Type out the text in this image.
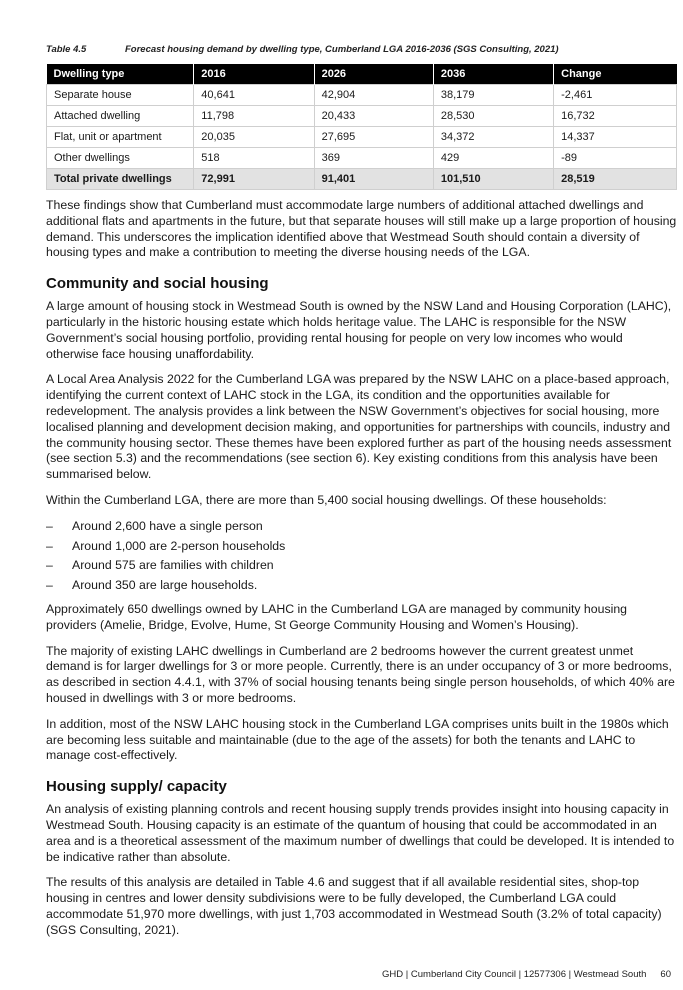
Table 4.5	Forecast housing demand by dwelling type, Cumberland LGA 2016-2036 (SGS Consulting, 2021)
Dwelling type	2016	2026	2036	Change
Separate house	40,641	42,904	38,179	-2,461
Attached dwelling	11,798	20,433	28,530	16,732
Flat, unit or apartment	20,035	27,695	34,372	14,337
Other dwellings	518	369	429	-89
Total private dwellings	72,991	91,401	101,510	28,519

These findings show that Cumberland must accommodate large numbers of additional attached dwellings and additional flats and apartments in the future, but that separate houses will still make up a large proportion of housing demand. This underscores the implication identified above that Westmead South should contain a diversity of housing types and make a contribution to meeting the diverse housing needs of the LGA.

Community and social housing

A large amount of housing stock in Westmead South is owned by the NSW Land and Housing Corporation (LAHC), particularly in the historic housing estate which holds heritage value. The LAHC is responsible for the NSW Government’s social housing portfolio, providing rental housing for people on very low incomes who would otherwise face housing unaffordability.

A Local Area Analysis 2022 for the Cumberland LGA was prepared by the NSW LAHC on a place-based approach, identifying the current context of LAHC stock in the LGA, its condition and the opportunities available for redevelopment. The analysis provides a link between the NSW Government’s objectives for social housing, more localised planning and development decision making, and opportunities for partnerships with councils, industry and the community housing sector. These themes have been explored further as part of the housing needs assessment (see section 5.3) and the recommendations (see section 6). Key existing conditions from this analysis have been summarised below.

Within the Cumberland LGA, there are more than 5,400 social housing dwellings. Of these households:

– Around 2,600 have a single person
– Around 1,000 are 2-person households
– Around 575 are families with children
– Around 350 are large households.

Approximately 650 dwellings owned by LAHC in the Cumberland LGA are managed by community housing providers (Amelie, Bridge, Evolve, Hume, St George Community Housing and Women’s Housing).

The majority of existing LAHC dwellings in Cumberland are 2 bedrooms however the current greatest unmet demand is for larger dwellings for 3 or more people. Currently, there is an under occupancy of 3 or more bedrooms, as described in section 4.4.1, with 37% of social housing tenants being single person households, of which 40% are housed in dwellings with 3 or more bedrooms.

In addition, most of the NSW LAHC housing stock in the Cumberland LGA comprises units built in the 1980s which are becoming less suitable and maintainable (due to the age of the assets) for both the tenants and LAHC to manage cost-effectively.

Housing supply/ capacity

An analysis of existing planning controls and recent housing supply trends provides insight into housing capacity in Westmead South. Housing capacity is an estimate of the quantum of housing that could be accommodated in an area and is a theoretical assessment of the maximum number of dwellings that could be developed. It is intended to be indicative rather than absolute.

The results of this analysis are detailed in Table 4.6 and suggest that if all available residential sites, shop-top housing in centres and lower density subdivisions were to be fully developed, the Cumberland LGA could accommodate 51,970 more dwellings, with just 1,703 accommodated in Westmead South (3.2% of total capacity) (SGS Consulting, 2021).

GHD | Cumberland City Council | 12577306 | Westmead South 60
